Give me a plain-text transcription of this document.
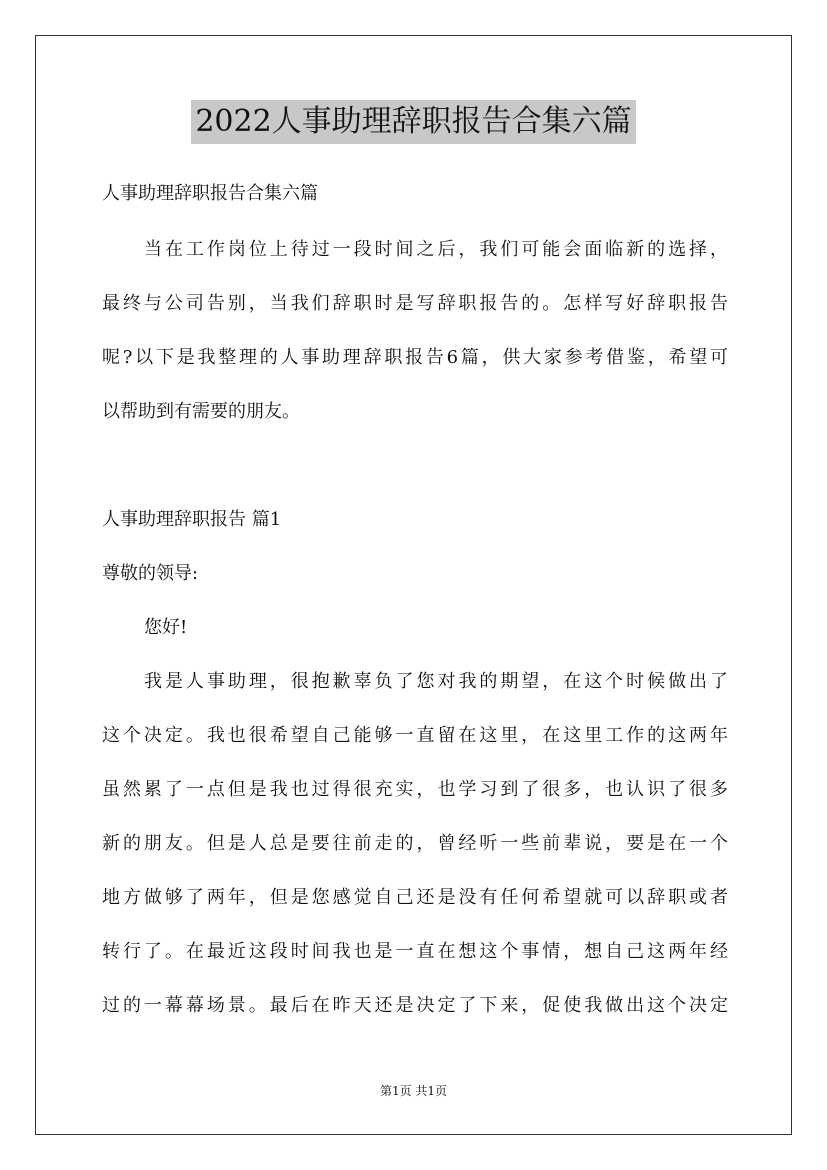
2022人事助理辞职报告合集六篇
人事助理辞职报告合集六篇
当在工作岗位上待过一段时间之后，我们可能会面临新的选择，
最终与公司告别，当我们辞职时是写辞职报告的。怎样写好辞职报告
呢?以下是我整理的人事助理辞职报告6篇，供大家参考借鉴，希望可
以帮助到有需要的朋友。
人事助理辞职报告 篇1
尊敬的领导:
您好!
我是人事助理，很抱歉辜负了您对我的期望，在这个时候做出了
这个决定。我也很希望自己能够一直留在这里，在这里工作的这两年
虽然累了一点但是我也过得很充实，也学习到了很多，也认识了很多
新的朋友。但是人总是要往前走的，曾经听一些前辈说，要是在一个
地方做够了两年，但是您感觉自己还是没有任何希望就可以辞职或者
转行了。在最近这段时间我也是一直在想这个事情，想自己这两年经
过的一幕幕场景。最后在昨天还是决定了下来，促使我做出这个决定
第1页 共1页
